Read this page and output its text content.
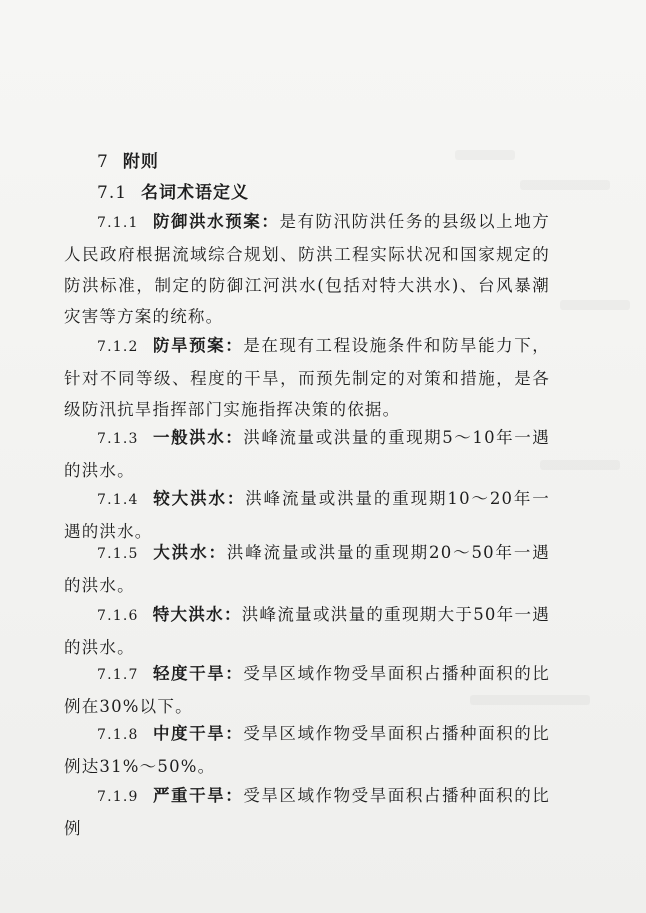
7 附则
7.1 名词术语定义
7.1.1 防御洪水预案：是有防汛防洪任务的县级以上地方人民政府根据流域综合规划、防洪工程实际状况和国家规定的防洪标准，制定的防御江河洪水(包括对特大洪水)、台风暴潮灾害等方案的统称。
7.1.2 防旱预案：是在现有工程设施条件和防旱能力下，针对不同等级、程度的干旱，而预先制定的对策和措施，是各级防汛抗旱指挥部门实施指挥决策的依据。
7.1.3 一般洪水：洪峰流量或洪量的重现期5～10年一遇的洪水。
7.1.4 较大洪水：洪峰流量或洪量的重现期10～20年一遇的洪水。
7.1.5 大洪水：洪峰流量或洪量的重现期20～50年一遇的洪水。
7.1.6 特大洪水：洪峰流量或洪量的重现期大于50年一遇的洪水。
7.1.7 轻度干旱：受旱区域作物受旱面积占播种面积的比例在30%以下。
7.1.8 中度干旱：受旱区域作物受旱面积占播种面积的比例达31%～50%。
7.1.9 严重干旱：受旱区域作物受旱面积占播种面积的比例
